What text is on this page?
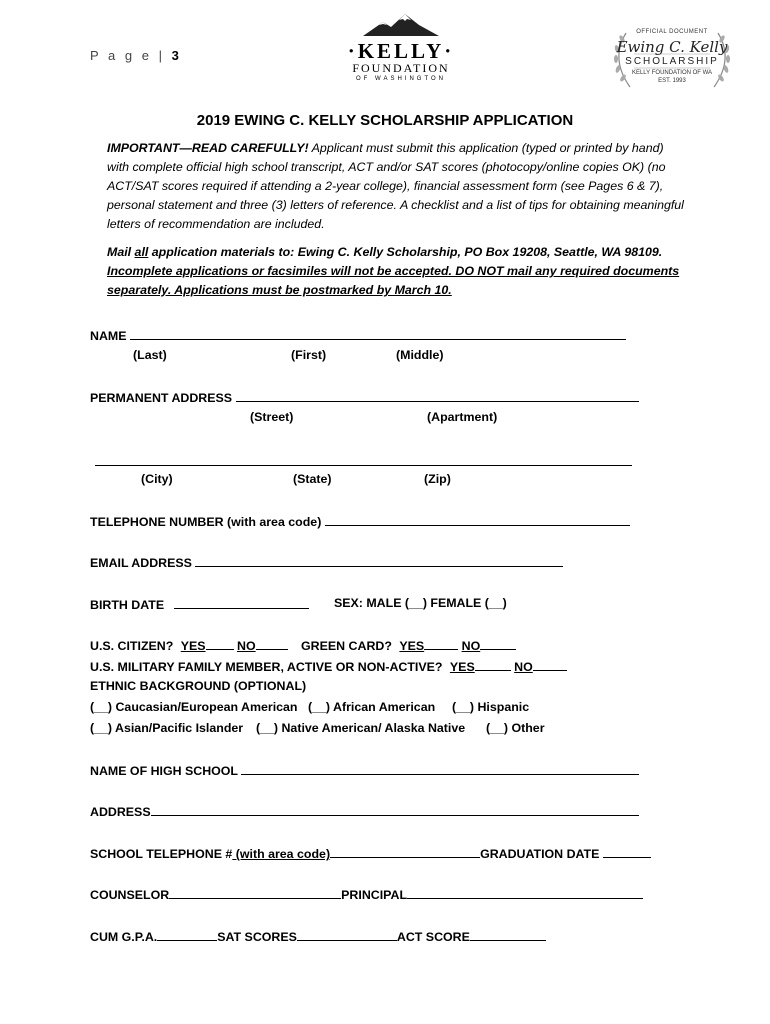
P a g e | 3	·KELLY·
FOUNDATION
OF WASHINGTON
OFFICIAL DOCUMENT
Ewing C. Kelly
SCHOLARSHIP
KELLY FOUNDATION OF WA
EST. 1993
2019 EWING C. KELLY SCHOLARSHIP APPLICATION
IMPORTANT—READ CAREFULLY! Applicant must submit this application (typed or printed by hand) with complete official high school transcript, ACT and/or SAT scores (photocopy/online copies OK) (no ACT/SAT scores required if attending a 2-year college), financial assessment form (see Pages 6 & 7), personal statement and three (3) letters of reference. A checklist and a list of tips for obtaining meaningful letters of recommendation are included.
Mail all application materials to: Ewing C. Kelly Scholarship, PO Box 19208, Seattle, WA 98109.
Incomplete applications or facsimiles will not be accepted. DO NOT mail any required documents separately. Applications must be postmarked by March 10.
NAME
(Last)	(First)	(Middle)
PERMANENT ADDRESS
(Street)	(Apartment)
(City)	(State)	(Zip)
TELEPHONE NUMBER (with area code)
EMAIL ADDRESS
BIRTH DATE	SEX: MALE (__) FEMALE (__)
U.S. CITIZEN? YES	NO	GREEN CARD? YES	NO
U.S. MILITARY FAMILY MEMBER, ACTIVE OR NON-ACTIVE? YES	NO
ETHNIC BACKGROUND (OPTIONAL)
(__) Caucasian/European American (__) African American (__) Hispanic
(__) Asian/Pacific Islander (__) Native American/ Alaska Native (__) Other
NAME OF HIGH SCHOOL
ADDRESS
SCHOOL TELEPHONE # (with area code)	GRADUATION DATE
COUNSELOR	PRINCIPAL
CUM G.P.A.	SAT SCORES	ACT SCORE
